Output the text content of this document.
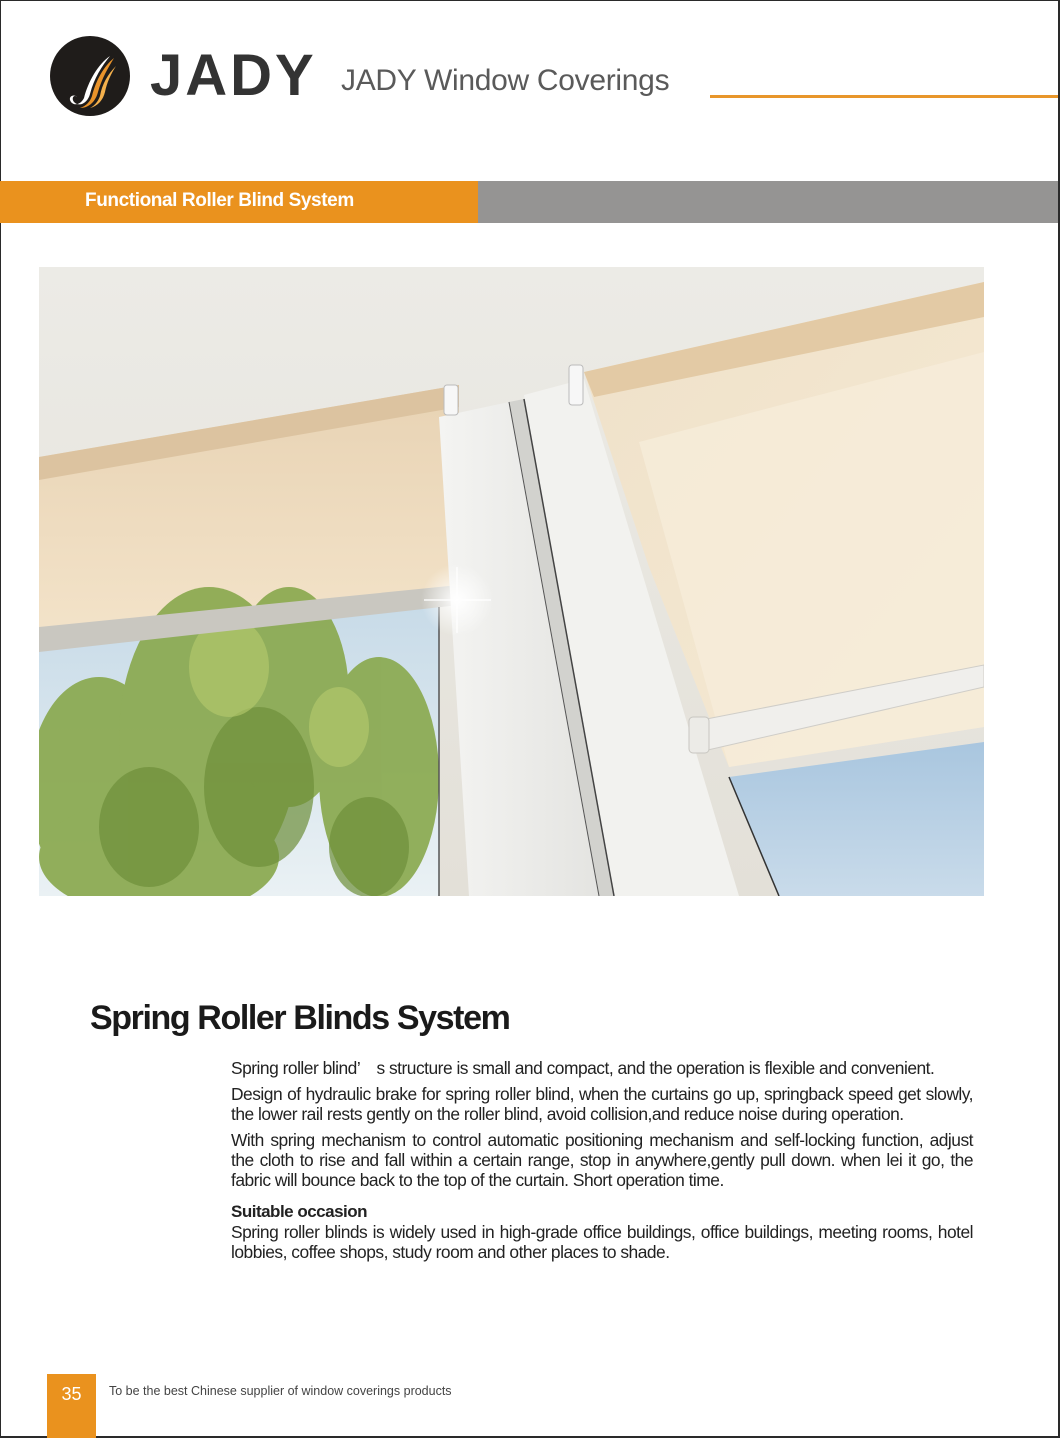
JADY JADY Window Coverings
Functional Roller Blind System
Spring Roller Blinds System

Spring roller blind’　s structure is small and compact, and the operation is flexible and convenient.

Design of hydraulic brake for spring roller blind, when the curtains go up, springback speed get slowly, the lower rail rests gently on the roller blind, avoid collision,and reduce noise during operation.

With spring mechanism to control automatic positioning mechanism and self-locking function, adjust the cloth to rise and fall within a certain range, stop in anywhere,gently pull down. when lei it go, the fabric will bounce back to the top of the curtain. Short operation time.

Suitable occasion

Spring roller blinds is widely used in high-grade office buildings, office buildings, meeting rooms, hotel lobbies, coffee shops, study room and other places to shade.

35	To be the best Chinese supplier of window coverings products
